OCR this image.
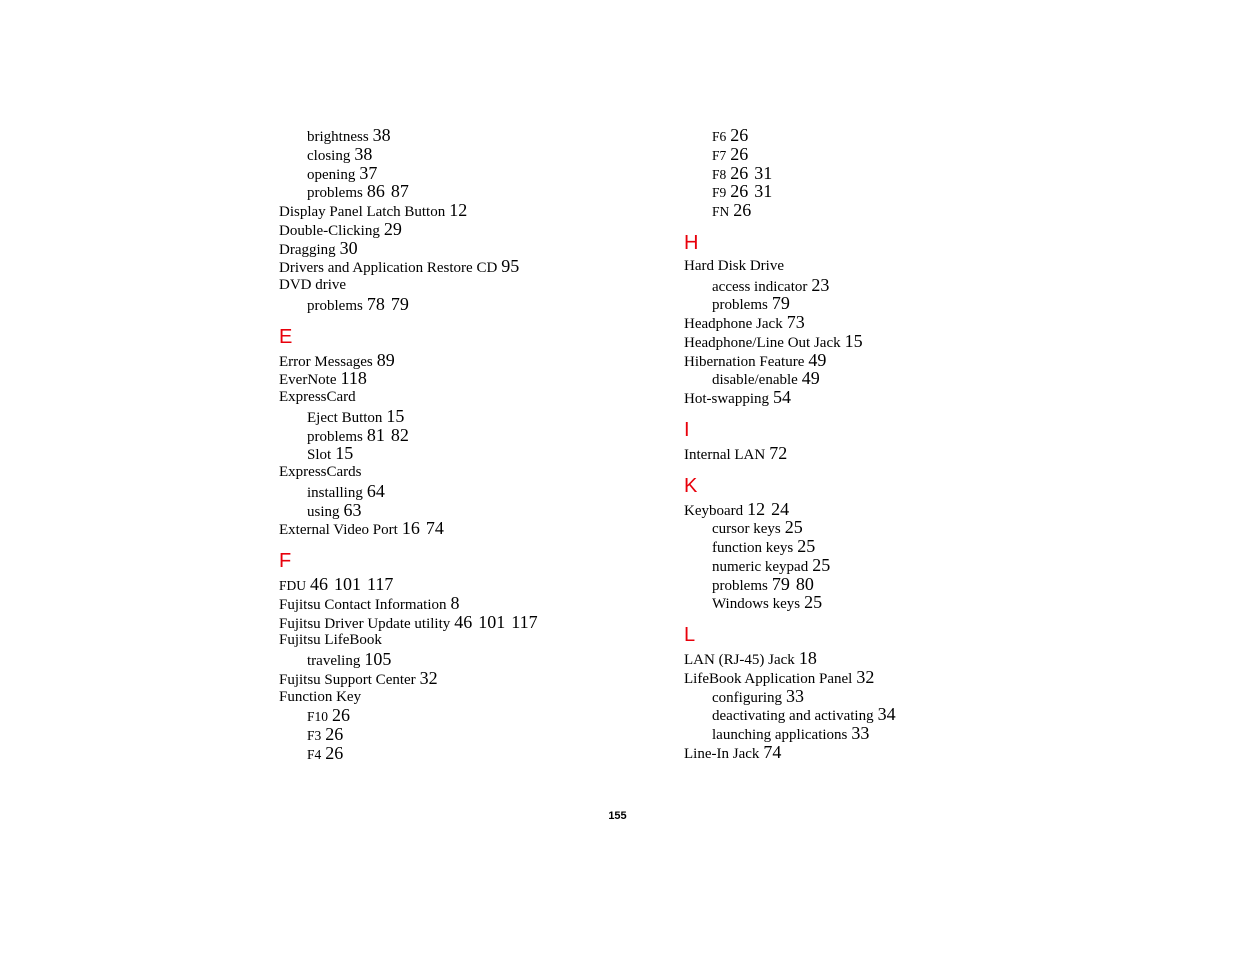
brightness 38
closing 38
opening 37
problems 86 87
Display Panel Latch Button 12
Double-Clicking 29
Dragging 30
Drivers and Application Restore CD 95
DVD drive
problems 78 79
E
Error Messages 89
EverNote 118
ExpressCard
Eject Button 15
problems 81 82
Slot 15
ExpressCards
installing 64
using 63
External Video Port 16 74
F
FDU 46 101 117
Fujitsu Contact Information 8
Fujitsu Driver Update utility 46 101 117
Fujitsu LifeBook
traveling 105
Fujitsu Support Center 32
Function Key
F10 26
F3 26
F4 26
F6 26
F7 26
F8 26 31
F9 26 31
FN 26
H
Hard Disk Drive
access indicator 23
problems 79
Headphone Jack 73
Headphone/Line Out Jack 15
Hibernation Feature 49
disable/enable 49
Hot-swapping 54
I
Internal LAN 72
K
Keyboard 12 24
cursor keys 25
function keys 25
numeric keypad 25
problems 79 80
Windows keys 25
L
LAN (RJ-45) Jack 18
LifeBook Application Panel 32
configuring 33
deactivating and activating 34
launching applications 33
Line-In Jack 74
155
